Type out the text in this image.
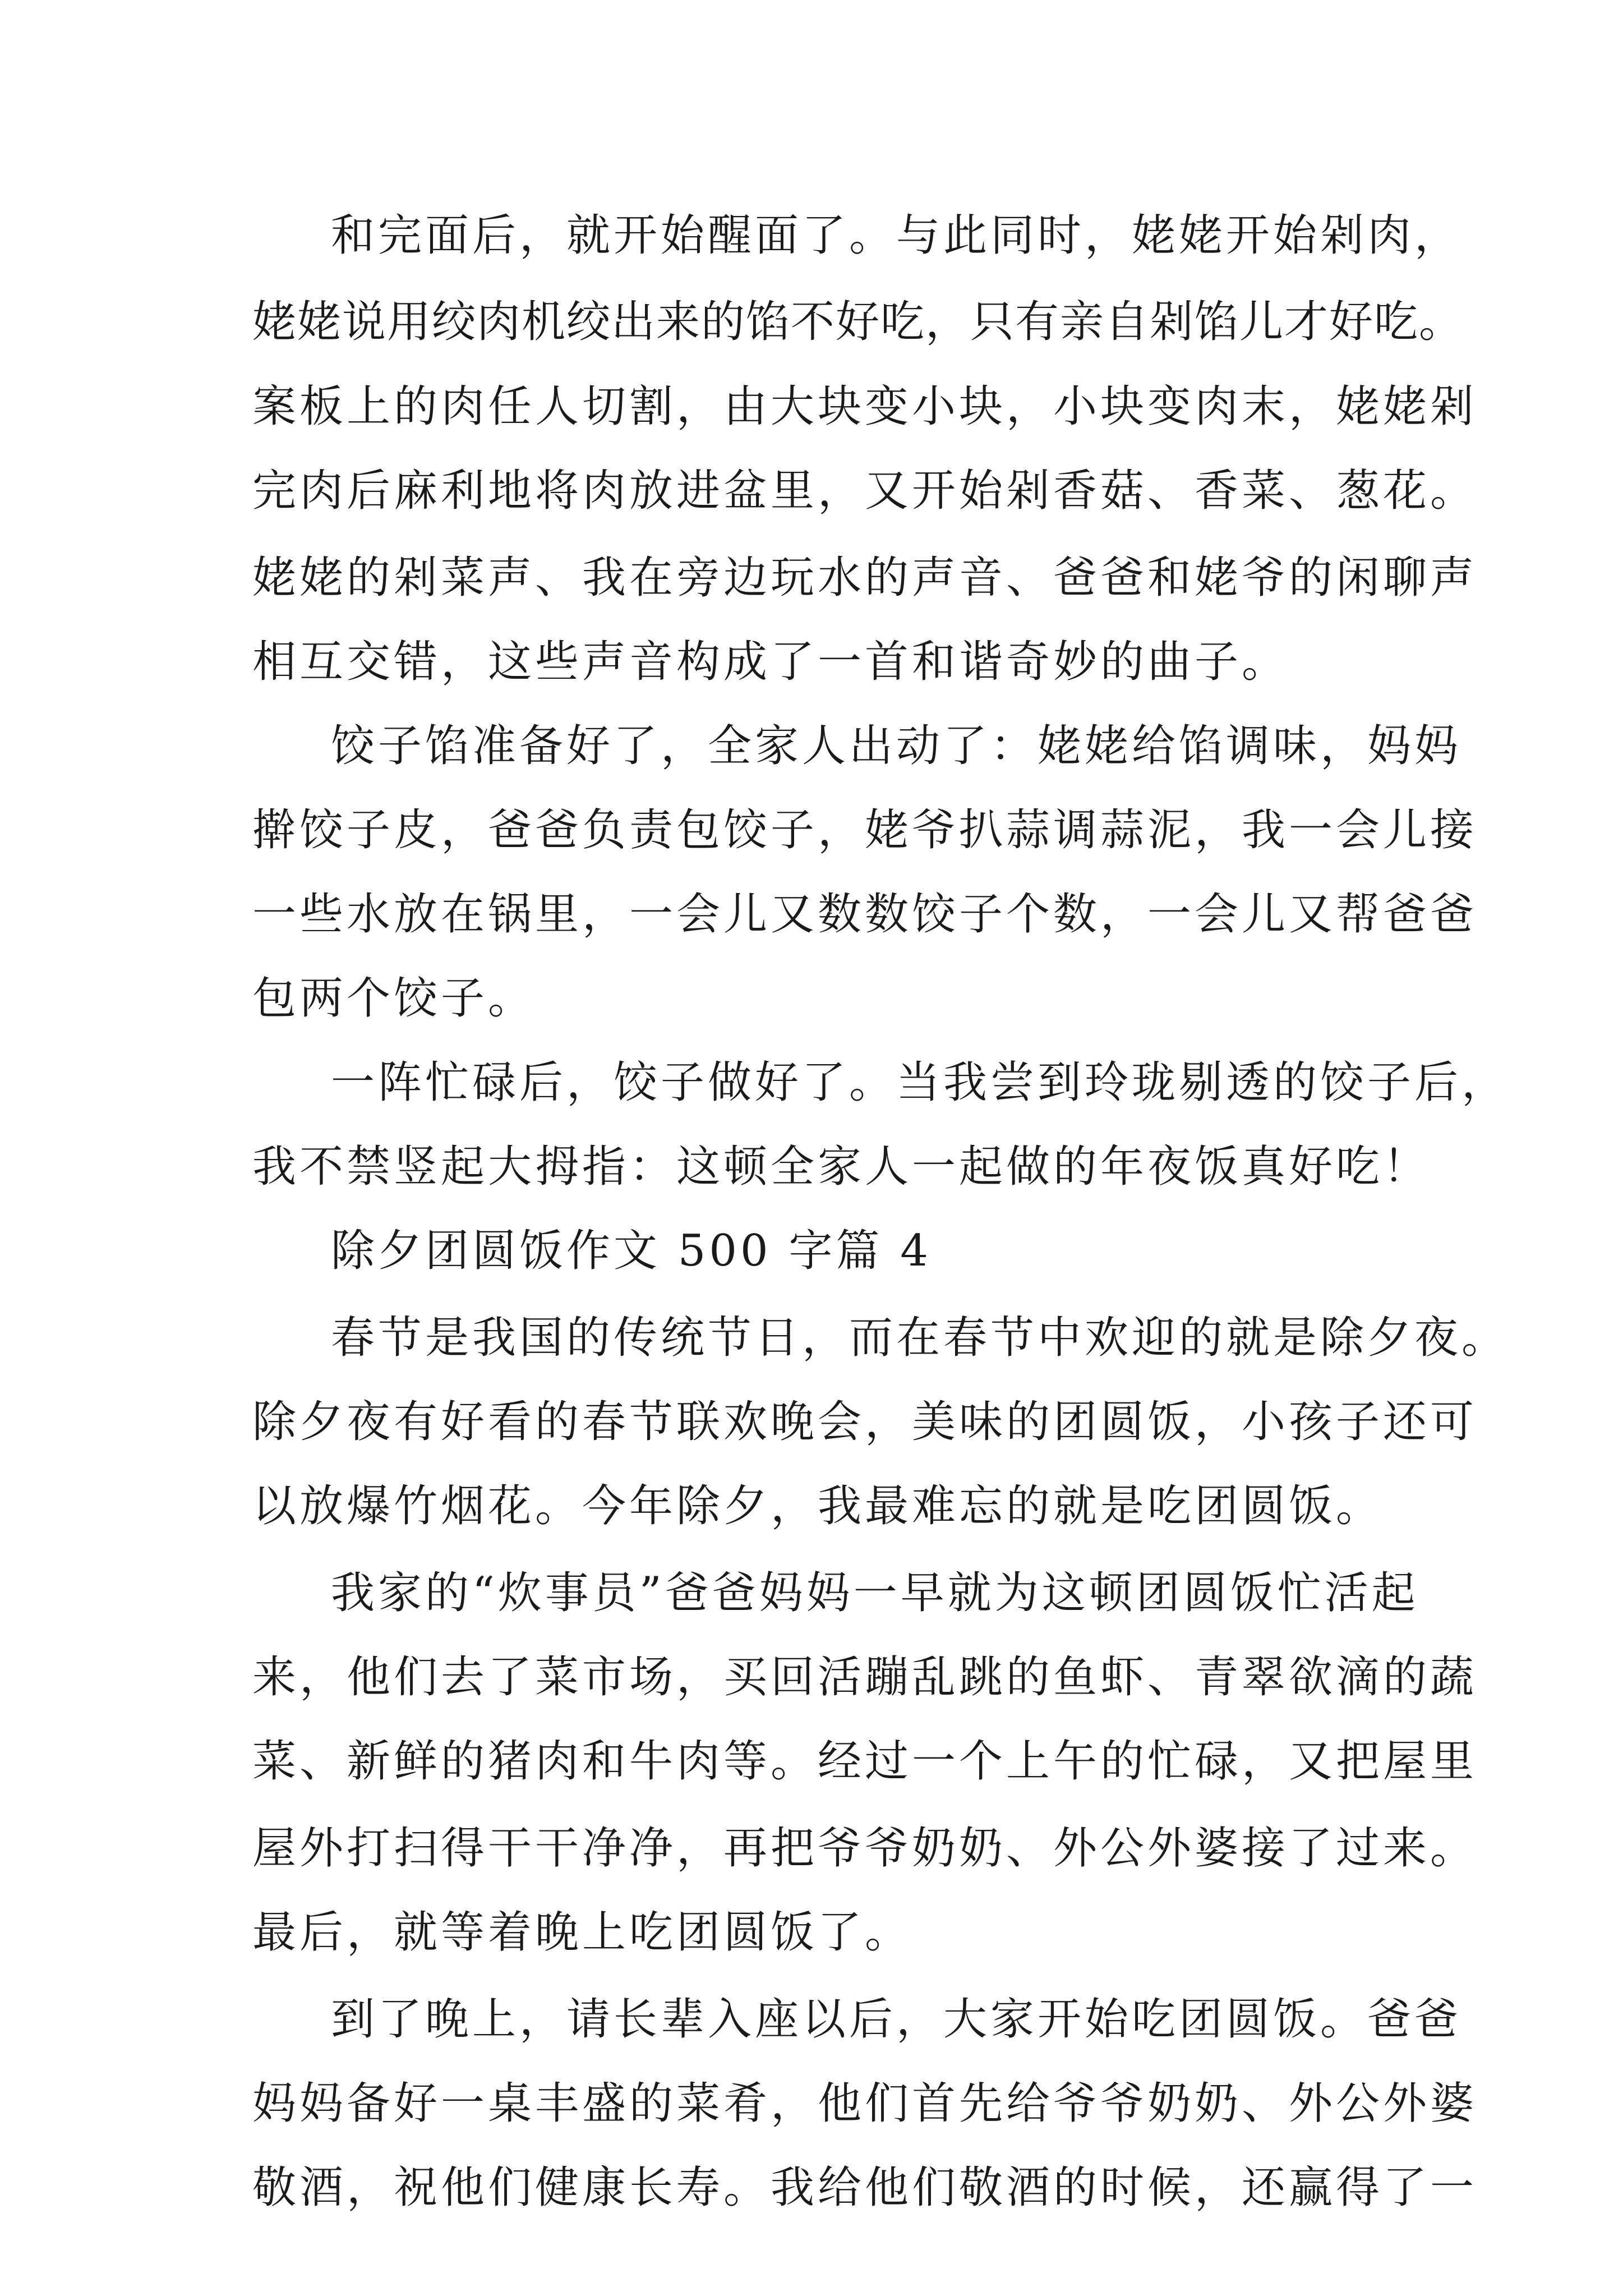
和完面后，就开始醒面了。与此同时，姥姥开始剁肉，
姥姥说用绞肉机绞出来的馅不好吃，只有亲自剁馅儿才好吃。
案板上的肉任人切割，由大块变小块，小块变肉末，姥姥剁
完肉后麻利地将肉放进盆里，又开始剁香菇、香菜、葱花。
姥姥的剁菜声、我在旁边玩水的声音、爸爸和姥爷的闲聊声
相互交错，这些声音构成了一首和谐奇妙的曲子。
饺子馅准备好了，全家人出动了：姥姥给馅调味，妈妈
擀饺子皮，爸爸负责包饺子，姥爷扒蒜调蒜泥，我一会儿接
一些水放在锅里，一会儿又数数饺子个数，一会儿又帮爸爸
包两个饺子。
一阵忙碌后，饺子做好了。当我尝到玲珑剔透的饺子后，
我不禁竖起大拇指：这顿全家人一起做的年夜饭真好吃！
除夕团圆饭作文 500 字篇 4
春节是我国的传统节日，而在春节中欢迎的就是除夕夜。
除夕夜有好看的春节联欢晚会，美味的团圆饭，小孩子还可
以放爆竹烟花。今年除夕，我最难忘的就是吃团圆饭。
我家的“炊事员”爸爸妈妈一早就为这顿团圆饭忙活起
来，他们去了菜市场，买回活蹦乱跳的鱼虾、青翠欲滴的蔬
菜、新鲜的猪肉和牛肉等。经过一个上午的忙碌，又把屋里
屋外打扫得干干净净，再把爷爷奶奶、外公外婆接了过来。
最后，就等着晚上吃团圆饭了。
到了晚上，请长辈入座以后，大家开始吃团圆饭。爸爸
妈妈备好一桌丰盛的菜肴，他们首先给爷爷奶奶、外公外婆
敬酒，祝他们健康长寿。我给他们敬酒的时候，还赢得了一
